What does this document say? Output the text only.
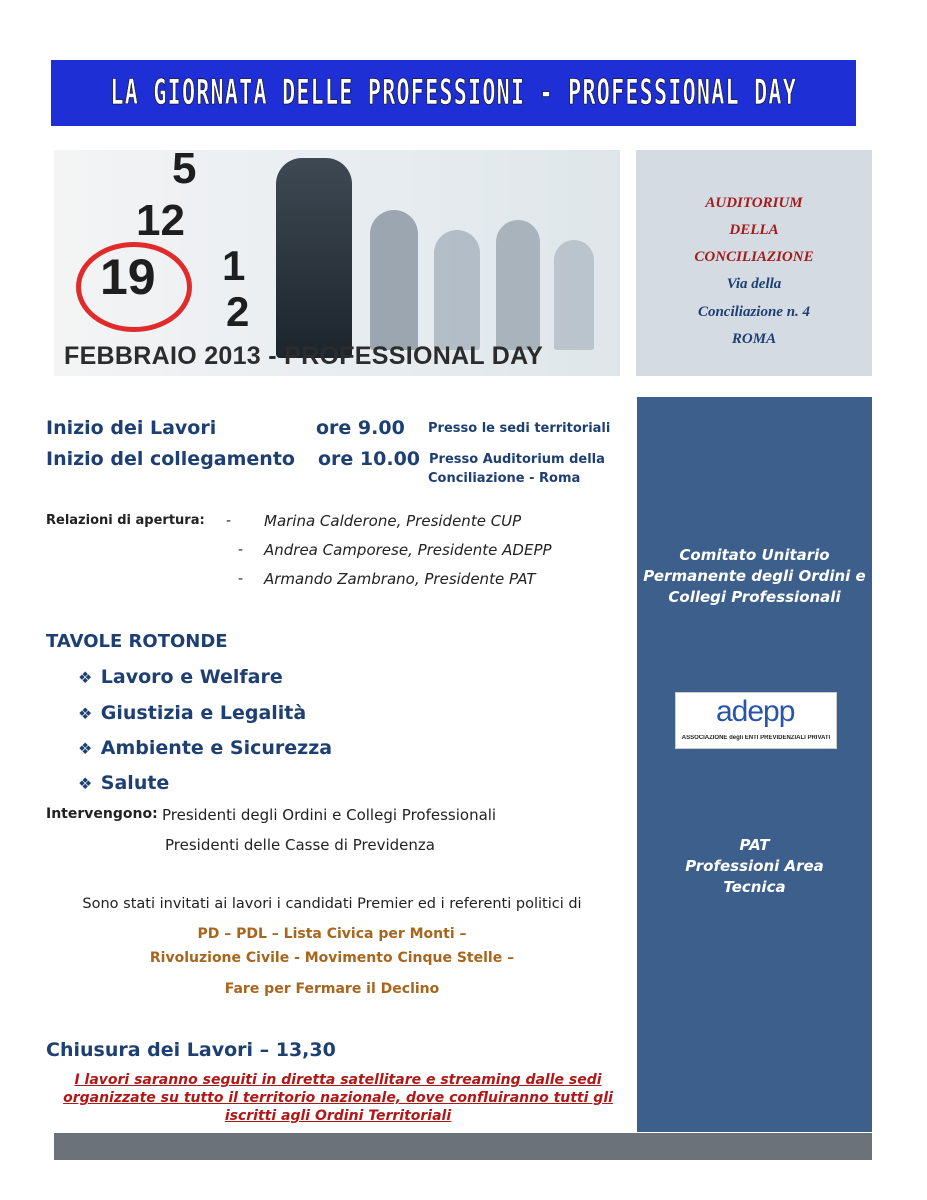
LA GIORNATA DELLE PROFESSIONI - PROFESSIONAL DAY
5
12
19 1
2
FEBBRAIO 2013 - PROFESSIONAL DAY
AUDITORIUM
DELLA
CONCILIAZIONE
Via della
Conciliazione n. 4
ROMA
Inizio dei Lavori	ore 9.00 Presso le sedi territoriali
Inizio del collegamento ore 10.00 Presso Auditorium della
Conciliazione - Roma
Relazioni di apertura: - Marina Calderone, Presidente CUP
- Andrea Camporese, Presidente ADEPP
- Armando Zambrano, Presidente PAT
TAVOLE ROTONDE
❖ Lavoro e Welfare
❖ Giustizia e Legalità
❖ Ambiente e Sicurezza
❖ Salute
Intervengono: Presidenti degli Ordini e Collegi Professionali
Presidenti delle Casse di Previdenza
Sono stati invitati ai lavori i candidati Premier ed i referenti politici di
PD – PDL – Lista Civica per Monti –
Rivoluzione Civile - Movimento Cinque Stelle –
Fare per Fermare il Declino
Chiusura dei Lavori – 13,30
I lavori saranno seguiti in diretta satellitare e streaming dalle sedi organizzate su tutto il territorio nazionale, dove confluiranno tutti gli iscritti agli Ordini Territoriali
Comitato Unitario Permanente degli Ordini e Collegi Professionali
adepp
ASSOCIAZIONE degli ENTI PREVIDENZIALI PRIVATI
PAT
Professioni Area
Tecnica
